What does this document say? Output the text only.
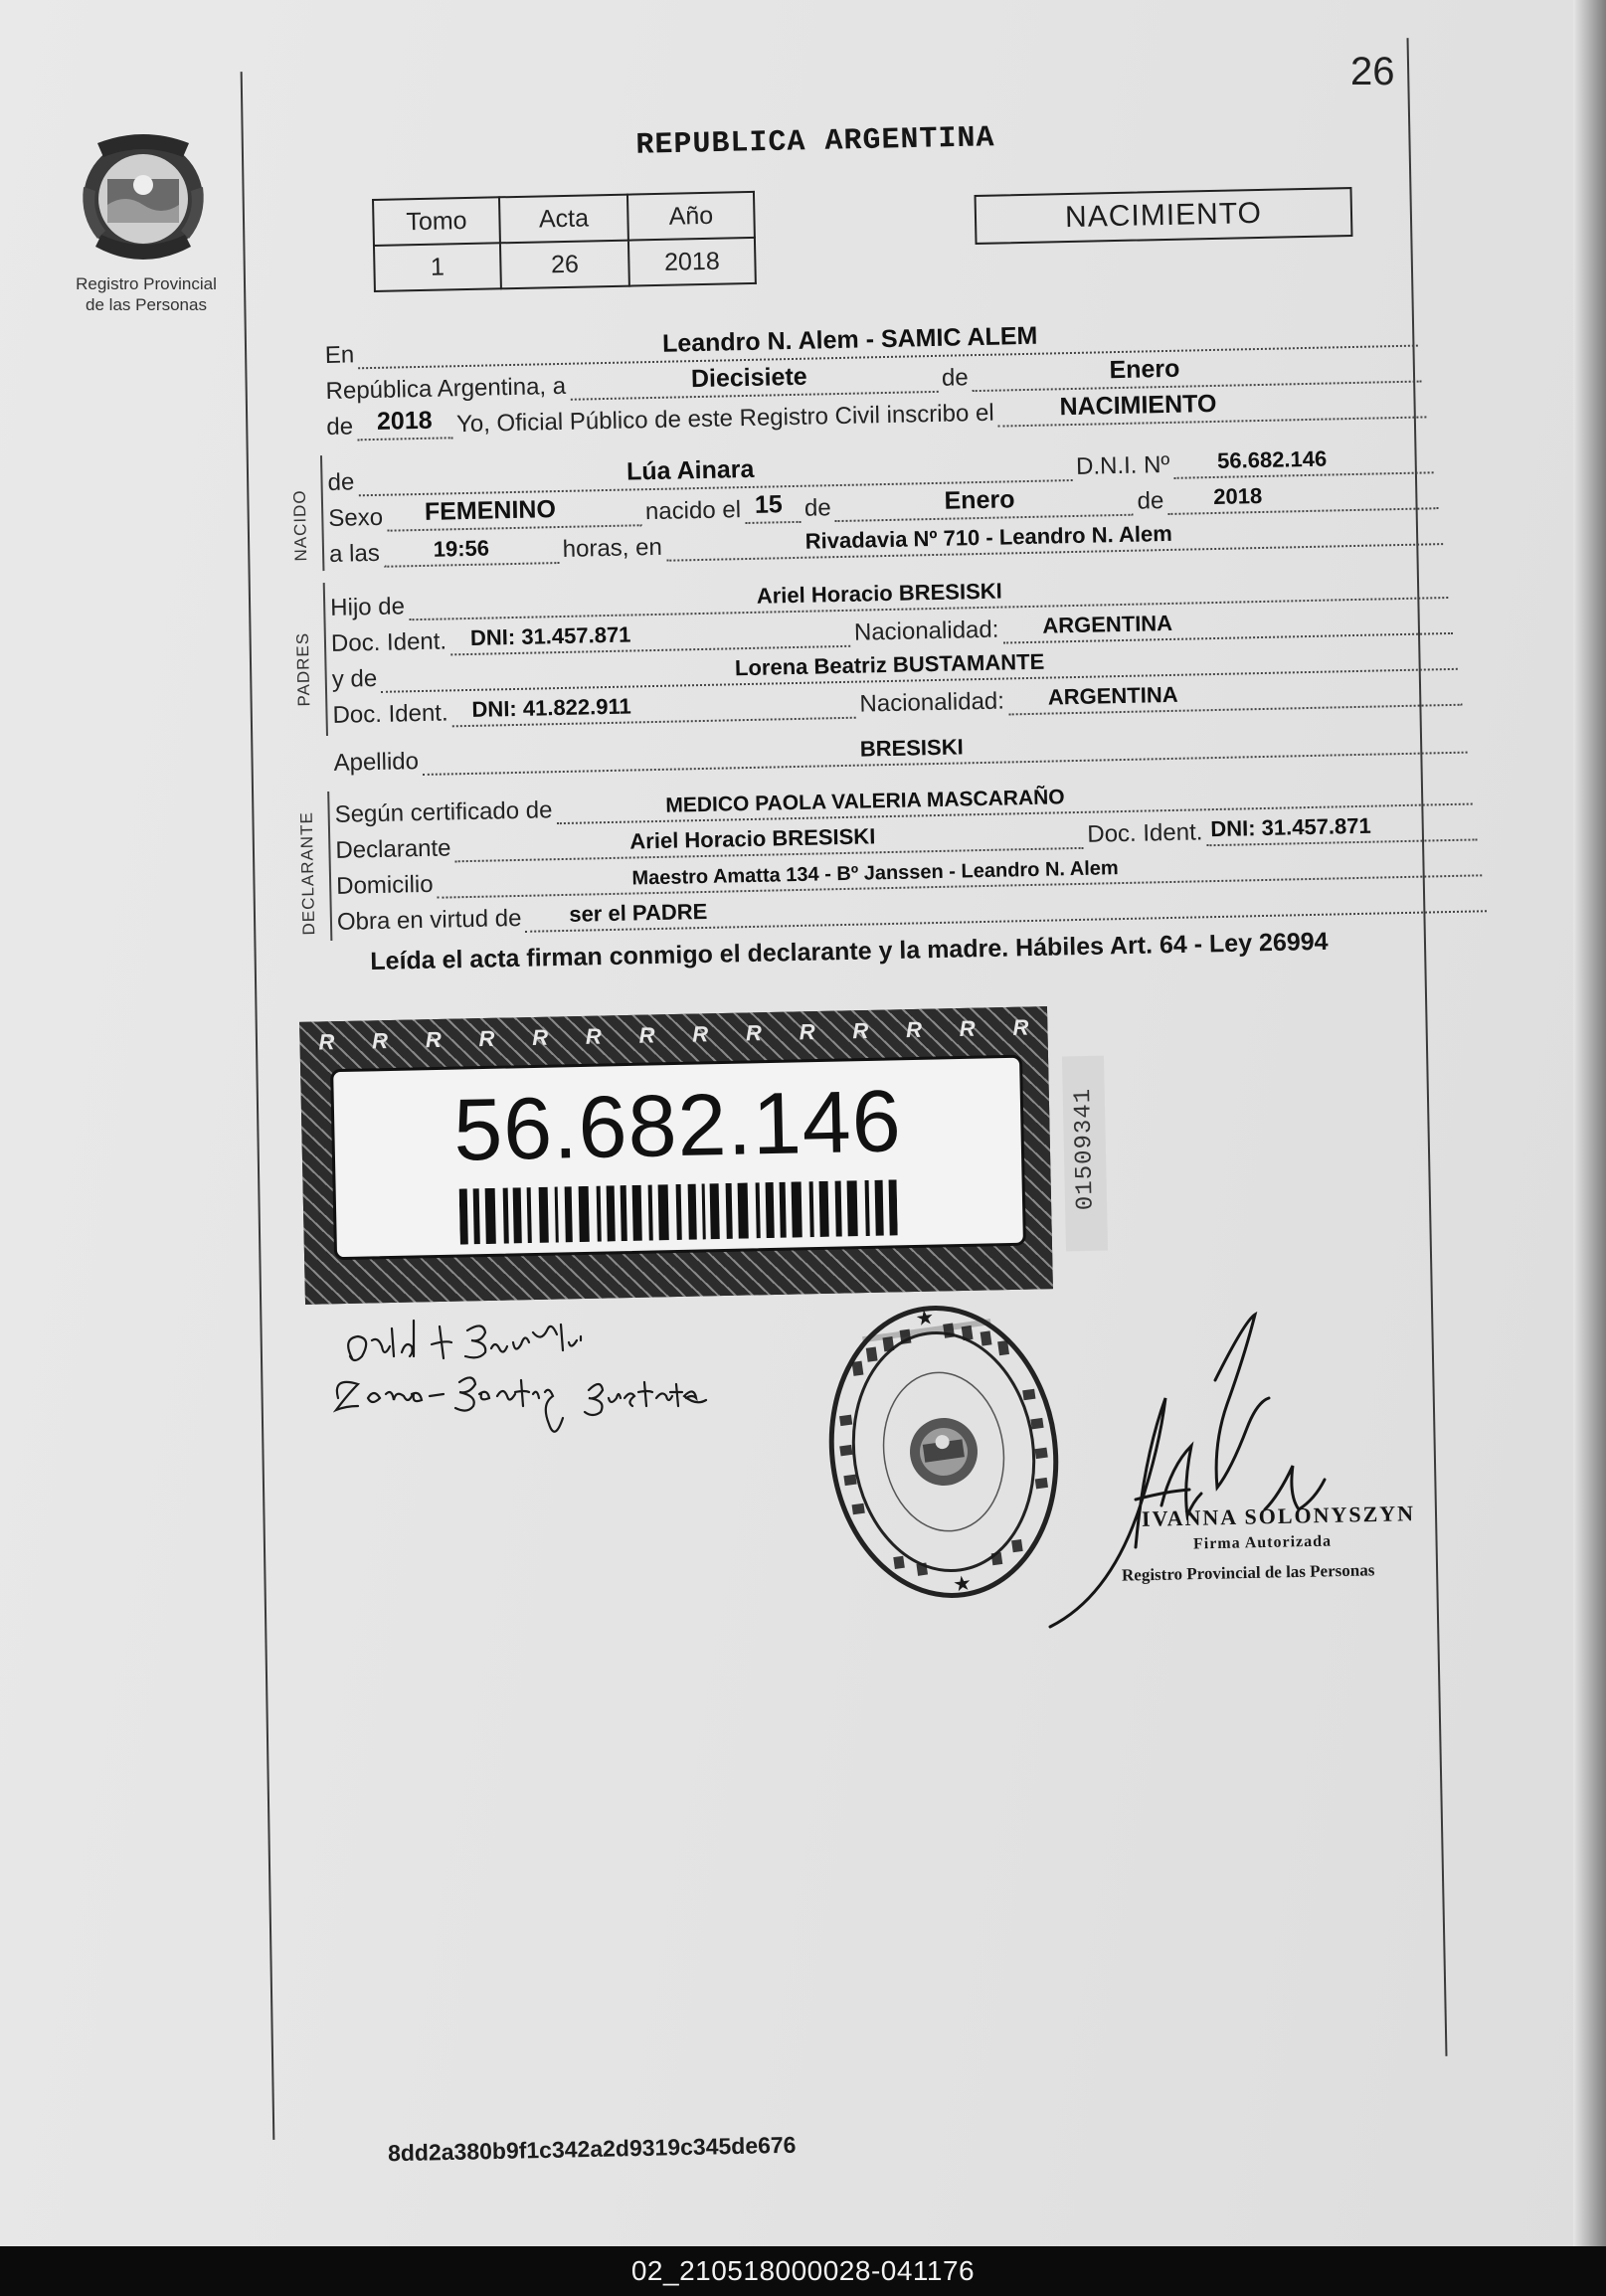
26
Registro Provincial
de las Personas
REPUBLICA ARGENTINA
Tomo	Acta	Año
1	26	2018
NACIMIENTO
En	Leandro N. Alem - SAMIC ALEM
República Argentina, a	Diecisiete	de	Enero
de 2018 Yo, Oficial Público de este Registro Civil inscribo el	NACIMIENTO
de	Lúa Ainara	D.N.I. Nº 56.682.146
Sexo FEMENINO	nacido el 15 de	Enero	de 2018
a las 19:56	horas, en	Rivadavia Nº 710 - Leandro N. Alem
Hijo de	Ariel Horacio BRESISKI
Doc. Ident. DNI: 31.457.871	Nacionalidad: ARGENTINA
y de	Lorena Beatriz BUSTAMANTE
Doc. Ident. DNI: 41.822.911	Nacionalidad: ARGENTINA
Apellido
BRESISKI
Según certificado de	MEDICO PAOLA VALERIA MASCARAÑO
Declarante	Ariel Horacio BRESISKI	Doc. Ident. DNI: 31.457.871
Domicilio	Maestro Amatta 134 - Bº Janssen - Leandro N. Alem
Obra en virtud de ser el PADRE
NACIDO
PADRES
DECLARANTE
Leída el acta firman conmigo el declarante y la madre. Hábiles Art. 64 - Ley 26994
R R R R R R R R R R R R R R
56.682.146	01509341
★
★
IVANNA SOLONYSZYN
Firma Autorizada
Registro Provincial de las Personas
8dd2a380b9f1c342a2d9319c345de676
02_210518000028-041176
